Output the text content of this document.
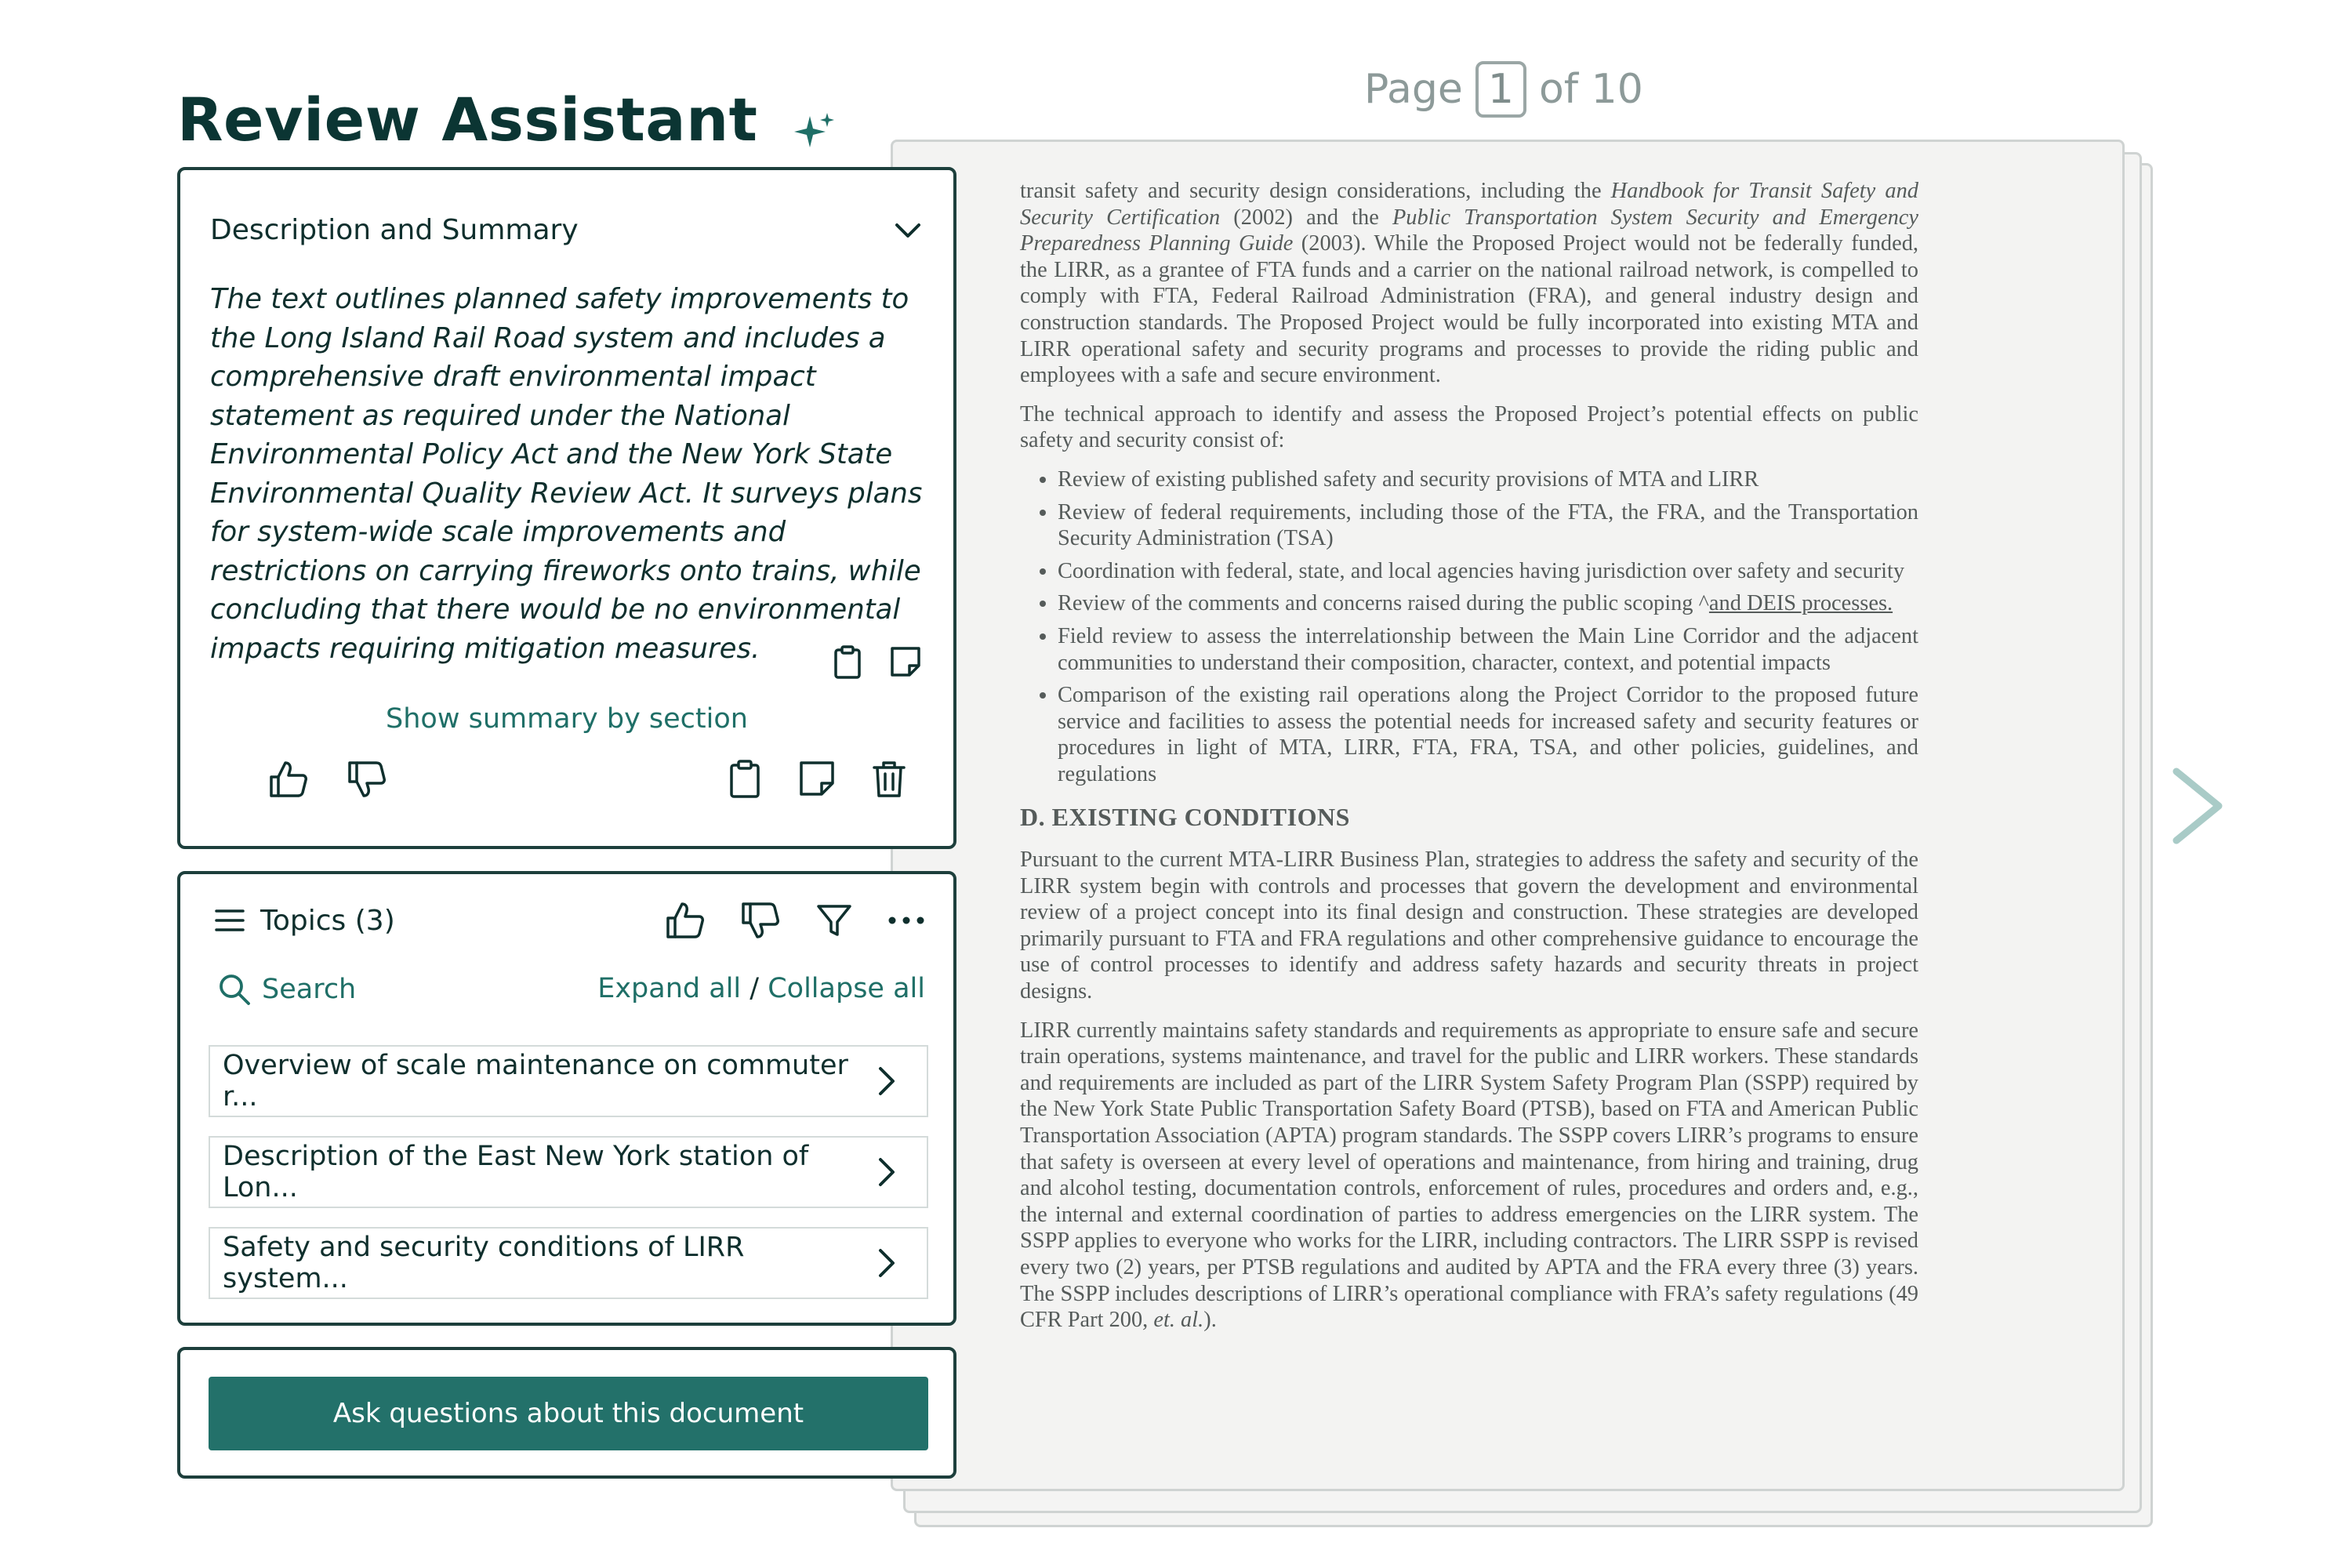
Review Assistant	Page 1 of 10

transit safety and security design considerations, including the Handbook for Transit Safety and Security Certification (2002) and the Public Transportation System Security and Emergency Preparedness Planning Guide (2003). While the Proposed Project would not be federally funded, the LIRR, as a grantee of FTA funds and a carrier on the national railroad network, is compelled to comply with FTA, Federal Railroad Administration (FRA), and general industry design and construction standards. The Proposed Project would be fully incorporated into existing MTA and LIRR operational safety and security programs and processes to provide the riding public and employees with a safe and secure environment.

The technical approach to identify and assess the Proposed Project’s potential effects on public safety and security consist of:

• Review of existing published safety and security provisions of MTA and LIRR
• Review of federal requirements, including those of the FTA, the FRA, and the Transportation Security Administration (TSA)
• Coordination with federal, state, and local agencies having jurisdiction over safety and security
• Review of the comments and concerns raised during the public scoping ^and DEIS processes.
• Field review to assess the interrelationship between the Main Line Corridor and the adjacent communities to understand their composition, character, context, and potential impacts
• Comparison of the existing rail operations along the Project Corridor to the proposed future service and facilities to assess the potential needs for increased safety and security features or procedures in light of MTA, LIRR, FTA, FRA, TSA, and other policies, guidelines, and regulations
D. EXISTING CONDITIONS

Pursuant to the current MTA-LIRR Business Plan, strategies to address the safety and security of the LIRR system begin with controls and processes that govern the development and environmental review of a project concept into its final design and construction. These strategies are developed primarily pursuant to FTA and FRA regulations and other comprehensive guidance to encourage the use of control processes to identify and address safety hazards and security threats in project designs.

LIRR currently maintains safety standards and requirements as appropriate to ensure safe and secure train operations, systems maintenance, and travel for the public and LIRR workers. These standards and requirements are included as part of the LIRR System Safety Program Plan (SSPP) required by the New York State Public Transportation Safety Board (PTSB), based on FTA and American Public Transportation Association (APTA) program standards. The SSPP covers LIRR’s programs to ensure that safety is overseen at every level of operations and maintenance, from hiring and training, drug and alcohol testing, documentation controls, enforcement of rules, procedures and orders and, e.g., the internal and external coordination of parties to address emergencies on the LIRR system. The SSPP applies to everyone who works for the LIRR, including contractors. The LIRR SSPP is revised every two (2) years, per PTSB regulations and audited by APTA and the FRA every three (3) years. The SSPP includes descriptions of LIRR’s operational compliance with FRA’s safety regulations (49 CFR Part 200, et. al.).

Description and Summary
The text outlines planned safety improvements to the Long Island Rail Road system and includes a comprehensive draft environmental impact statement as required under the National Environmental Policy Act and the New York State Environmental Quality Review Act. It surveys plans for system-wide scale improvements and restrictions on carrying fireworks onto trains, while concluding that there would be no environmental impacts requiring mitigation measures.
Show summary by section
Topics (3)
Search	Expand all / Collapse all
Overview of scale maintenance on commuter r...
Description of the East New York station of Lon...
Safety and security conditions of LIRR system...
Ask questions about this document
